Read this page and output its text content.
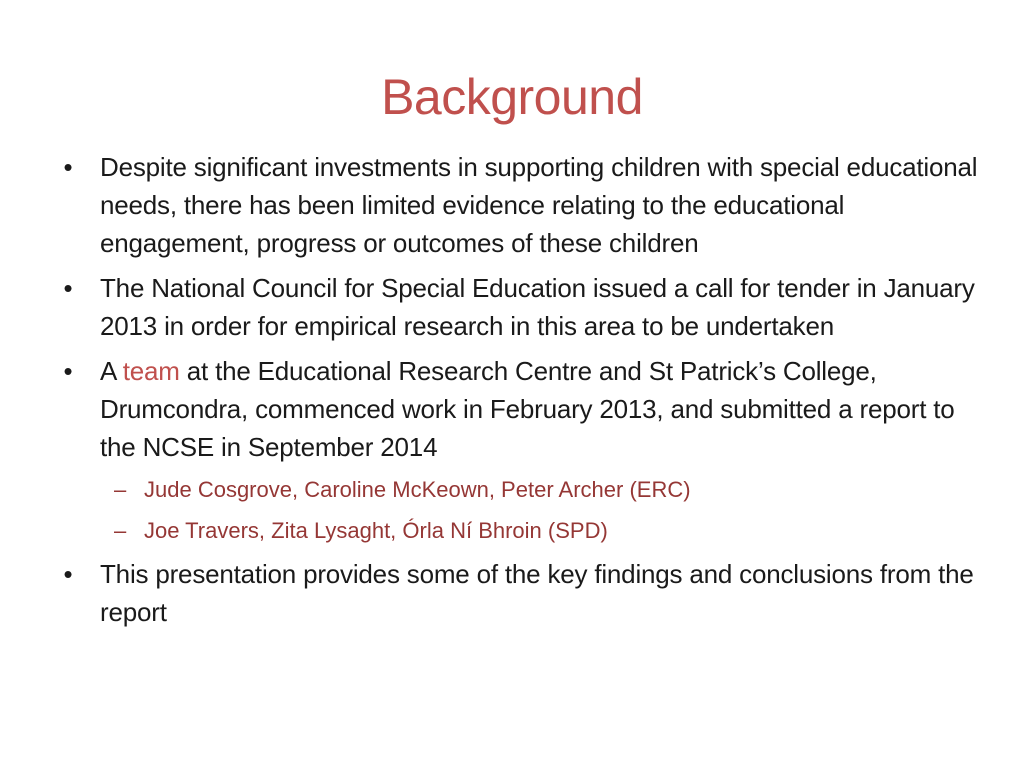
Background
• Despite significant investments in supporting children with special educational needs, there has been limited evidence relating to the educational engagement, progress or outcomes of these children
• The National Council for Special Education issued a call for tender in January 2013 in order for empirical research in this area to be undertaken
• A team at the Educational Research Centre and St Patrick’s College, Drumcondra, commenced work in February 2013, and submitted a report to the NCSE in September 2014
– Jude Cosgrove, Caroline McKeown, Peter Archer (ERC)
– Joe Travers, Zita Lysaght, Órla Ní Bhroin (SPD)
• This presentation provides some of the key findings and conclusions from the report
